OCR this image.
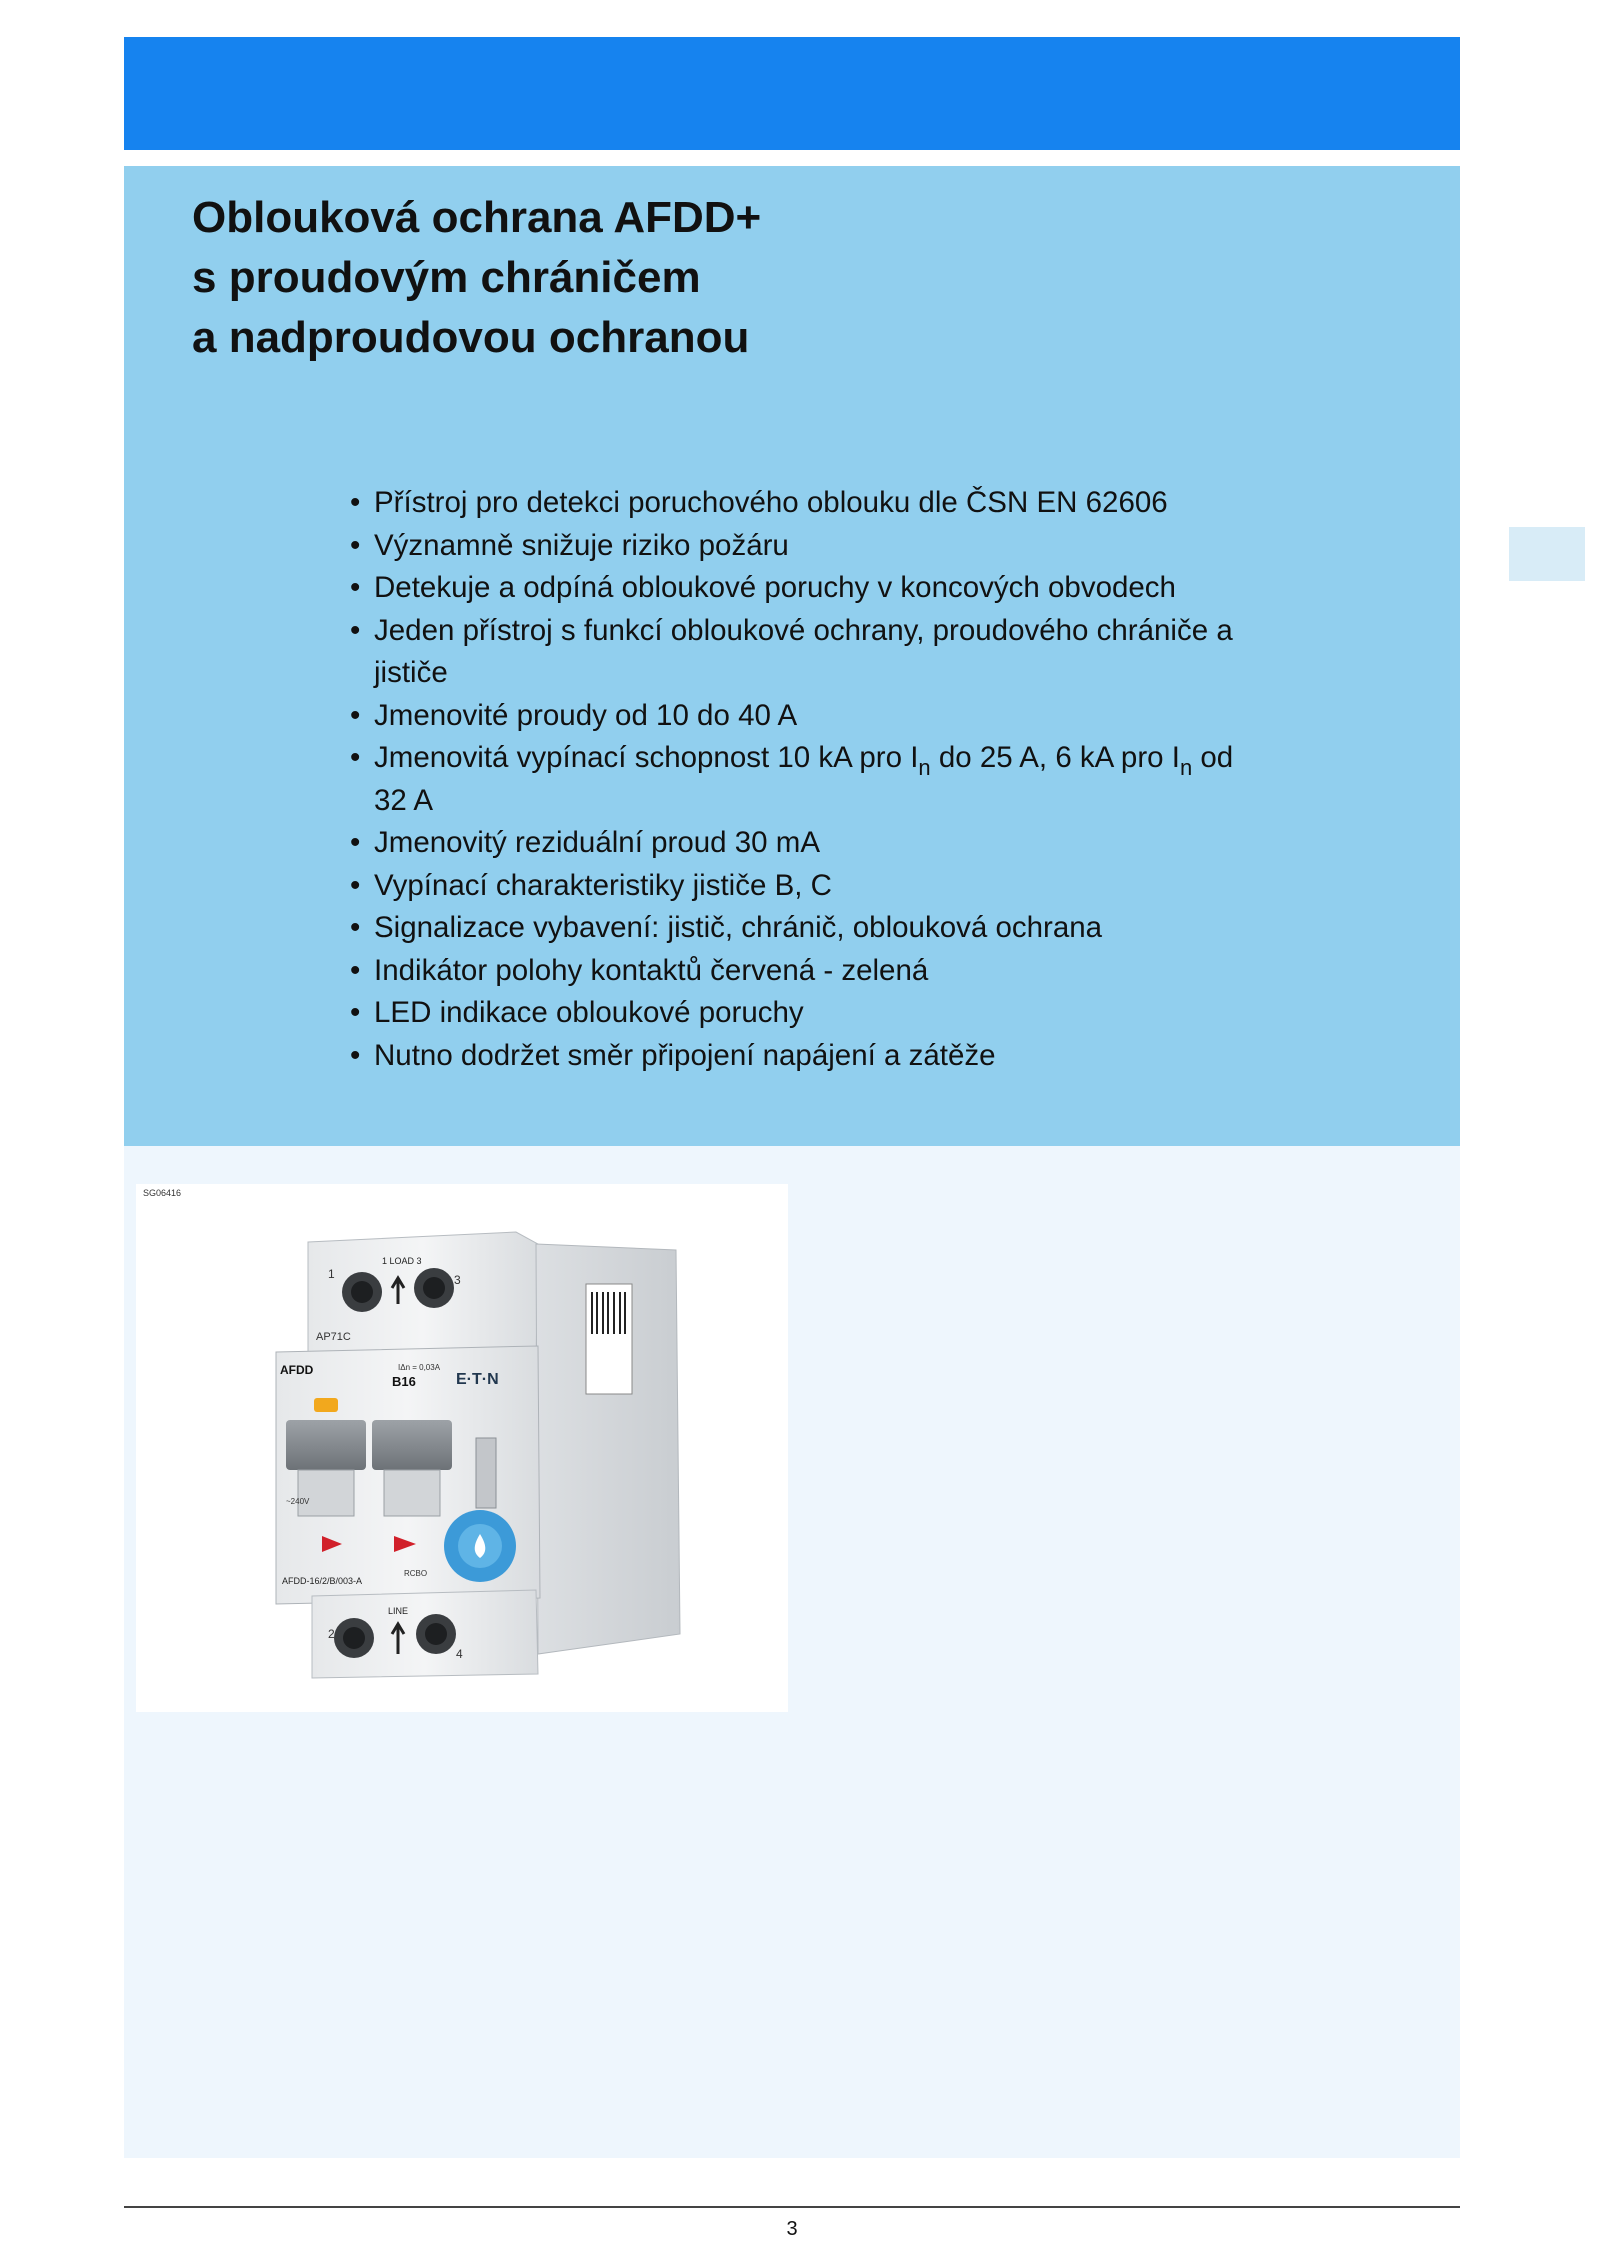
Oblouková ochrana AFDD+
s proudovým chráničem
a nadproudovou ochranou
• Přístroj pro detekci poruchového oblouku dle ČSN EN 62606
• Významně snižuje riziko požáru
• Detekuje a odpíná obloukové poruchy v koncových obvodech
• Jeden přístroj s funkcí obloukové ochrany, proudového chrániče a jističe
• Jmenovité proudy od 10 do 40 A
• Jmenovitá vypínací schopnost 10 kA pro $I_n$ do 25 A, 6 kA pro $I_n$ od 32 A
• Jmenovitý reziduální proud 30 mA
• Vypínací charakteristiky jističe B, C
• Signalizace vybavení: jistič, chránič, oblouková ochrana
• Indikátor polohy kontaktů červená - zelená
• LED indikace obloukové poruchy
• Nutno dodržet směr připojení napájení a zátěže
SG06416
1 LOAD 3
AP71C
AFDD	IΔn = 0,03A
B16	E·T·N
~240V
RCBO
AFDD-16/2/B/003-A
LINE
1	3
2
4
3
